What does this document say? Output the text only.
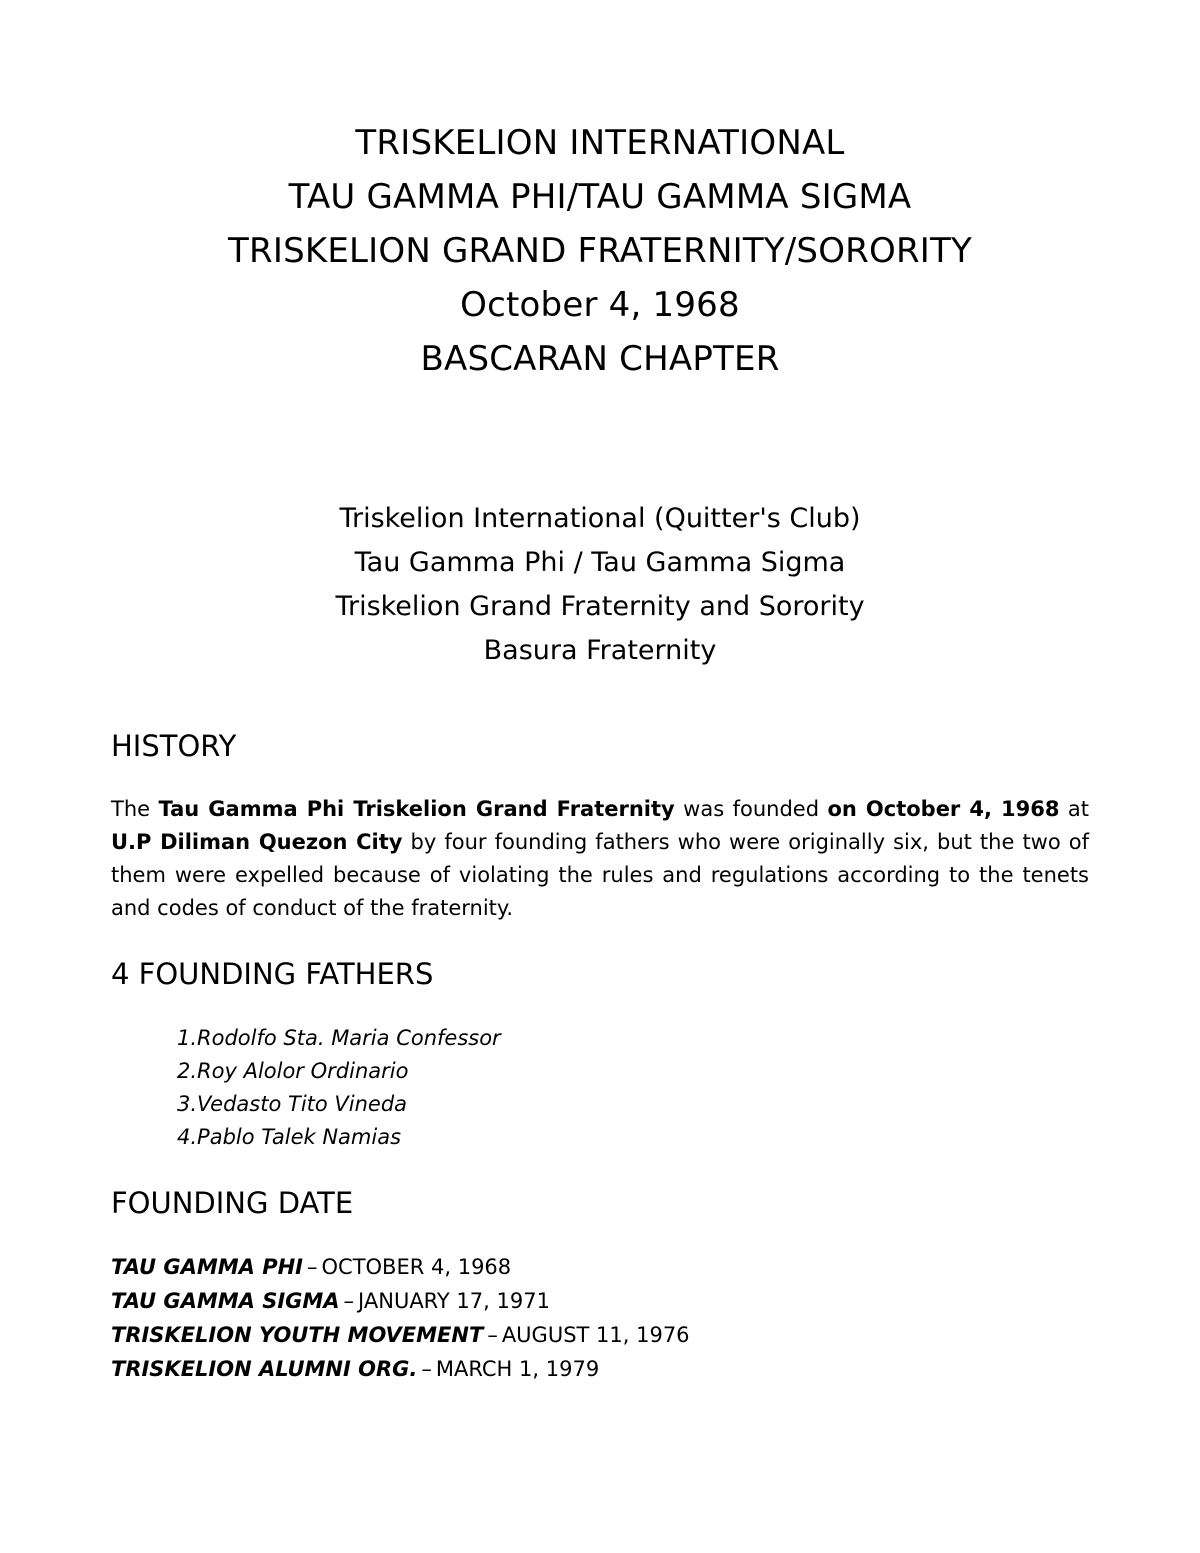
TRISKELION INTERNATIONAL
TAU GAMMA PHI/TAU GAMMA SIGMA
TRISKELION GRAND FRATERNITY/SORORITY
October 4, 1968
BASCARAN CHAPTER
Triskelion International (Quitter's Club)
Tau Gamma Phi / Tau Gamma Sigma
Triskelion Grand Fraternity and Sorority
Basura Fraternity
HISTORY
The Tau Gamma Phi Triskelion Grand Fraternity was founded on October 4, 1968 at U.P Diliman Quezon City by four founding fathers who were originally six, but the two of them were expelled because of violating the rules and regulations according to the tenets and codes of conduct of the fraternity.
4 FOUNDING FATHERS
1.Rodolfo Sta. Maria Confessor
2.Roy Alolor Ordinario
3.Vedasto Tito Vineda
4.Pablo Talek Namias
FOUNDING DATE
TAU GAMMA PHI – OCTOBER 4, 1968
TAU GAMMA SIGMA – JANUARY 17, 1971
TRISKELION YOUTH MOVEMENT – AUGUST 11, 1976
TRISKELION ALUMNI ORG. – MARCH 1, 1979
